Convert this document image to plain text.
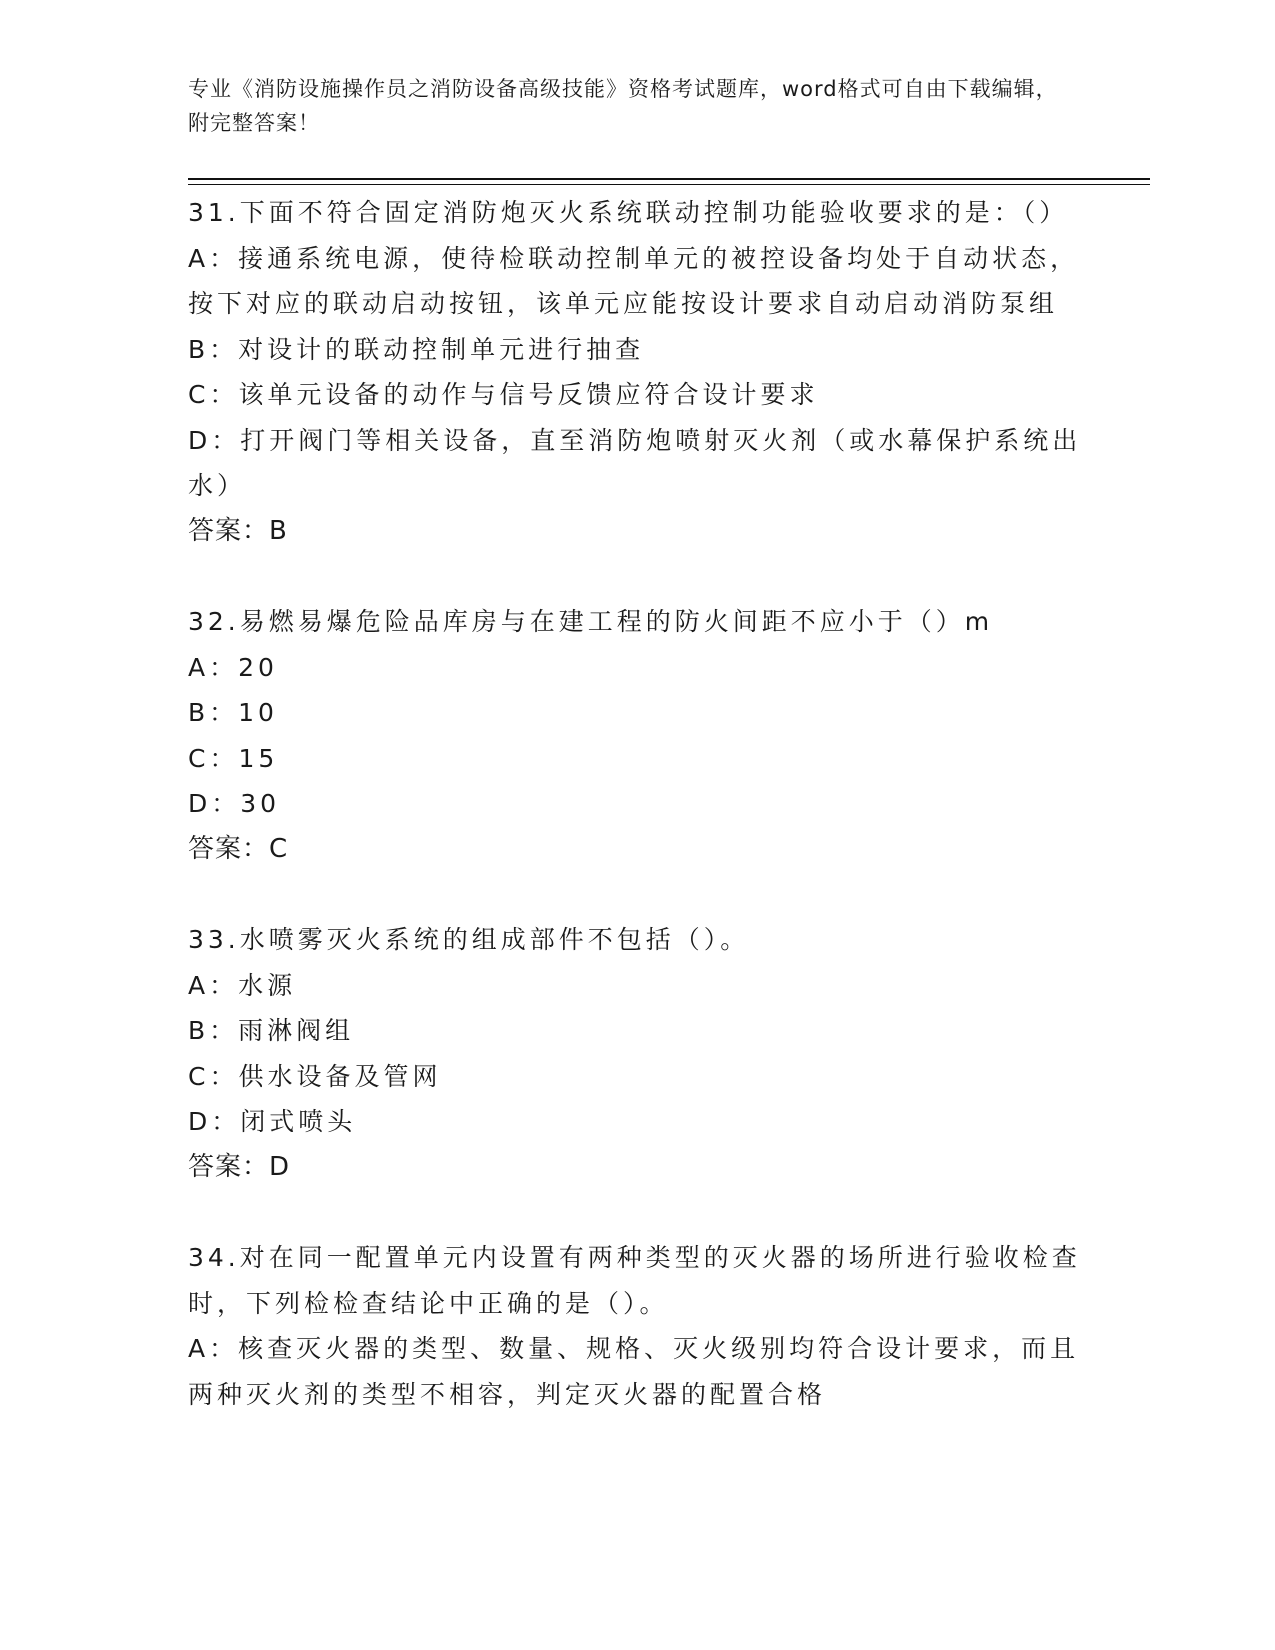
专业《消防设施操作员之消防设备高级技能》资格考试题库，word格式可自由下载编辑，附完整答案！

31.下面不符合固定消防炮灭火系统联动控制功能验收要求的是：（）

A：接通系统电源，使待检联动控制单元的被控设备均处于自动状态，按下对应的联动启动按钮，该单元应能按设计要求自动启动消防泵组

B：对设计的联动控制单元进行抽查

C：该单元设备的动作与信号反馈应符合设计要求

D：打开阀门等相关设备，直至消防炮喷射灭火剂（或水幕保护系统出水）

答案：B

32.易燃易爆危险品库房与在建工程的防火间距不应小于（）m

A：20

B：10

C：15

D：30

答案：C

33.水喷雾灭火系统的组成部件不包括（）。

A：水源

B：雨淋阀组

C：供水设备及管网

D：闭式喷头

答案：D

34.对在同一配置单元内设置有两种类型的灭火器的场所进行验收检查时，下列检检查结论中正确的是（）。

A：核查灭火器的类型、数量、规格、灭火级别均符合设计要求，而且两种灭火剂的类型不相容，判定灭火器的配置合格
